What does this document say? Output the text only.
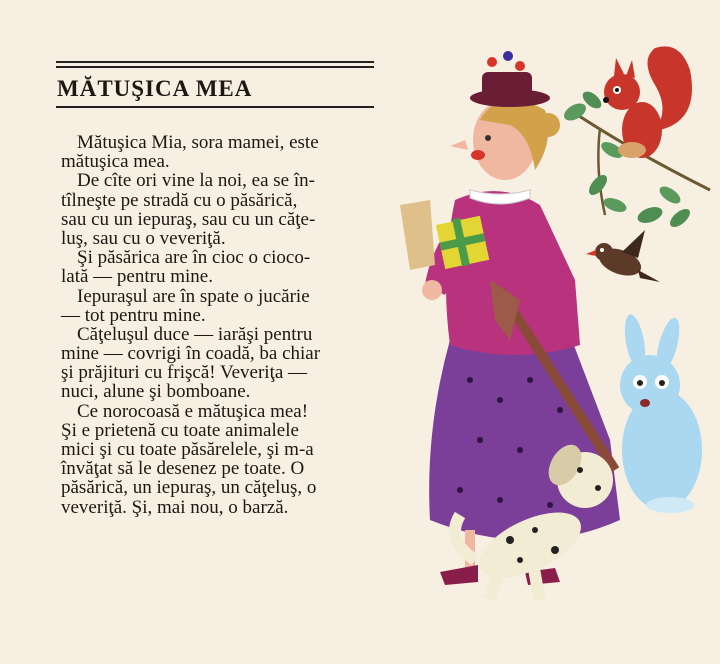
MĂTUŞICA MEA
Mătuşica Mia, sora mamei, este
mătuşica mea.
De cîte ori vine la noi, ea se în-
tîlneşte pe stradă cu o păsărică,
sau cu un iepuraş, sau cu un căţe-
luş, sau cu o veveriţă.
Şi păsărica are în cioc o cioco-
lată — pentru mine.
Iepuraşul are în spate o jucărie
— tot pentru mine.
Căţeluşul duce — iarăşi pentru
mine — covrigi în coadă, ba chiar
şi prăjituri cu frişcă! Veveriţa —
nuci, alune şi bomboane.
Ce norocoasă e mătuşica mea!
Şi e prietenă cu toate animalele
mici şi cu toate păsărelele, şi m-a
învăţat să le desenez pe toate. O
păsărică, un iepuraş, un căţeluş, o
veveriţă. Şi, mai nou, o barză.
